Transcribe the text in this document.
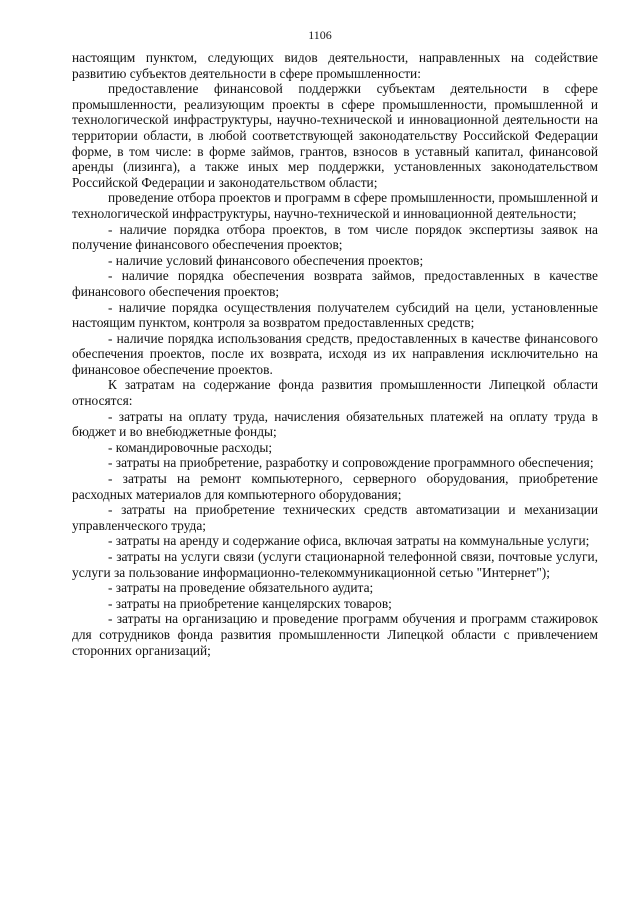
1106

настоящим пунктом, следующих видов деятельности, направленных на содействие развитию субъектов деятельности в сфере промышленности:

предоставление финансовой поддержки субъектам деятельности в сфере промышленности, реализующим проекты в сфере промышленности, промышленной и технологической инфраструктуры, научно-технической и инновационной деятельности на территории области, в любой соответствующей законодательству Российской Федерации форме, в том числе: в форме займов, грантов, взносов в уставный капитал, финансовой аренды (лизинга), а также иных мер поддержки, установленных законодательством Российской Федерации и законодательством области;

проведение отбора проектов и программ в сфере промышленности, промышленной и технологической инфраструктуры, научно-технической и инновационной деятельности;

- наличие порядка отбора проектов, в том числе порядок экспертизы заявок на получение финансового обеспечения проектов;

- наличие условий финансового обеспечения проектов;

- наличие порядка обеспечения возврата займов, предоставленных в качестве финансового обеспечения проектов;

- наличие порядка осуществления получателем субсидий на цели, установленные настоящим пунктом, контроля за возвратом предоставленных средств;

- наличие порядка использования средств, предоставленных в качестве финансового обеспечения проектов, после их возврата, исходя из их направления исключительно на финансовое обеспечение проектов.

К затратам на содержание фонда развития промышленности Липецкой области относятся:

- затраты на оплату труда, начисления обязательных платежей на оплату труда в бюджет и во внебюджетные фонды;

- командировочные расходы;

- затраты на приобретение, разработку и сопровождение программного обеспечения;

- затраты на ремонт компьютерного, серверного оборудования, приобретение расходных материалов для компьютерного оборудования;

- затраты на приобретение технических средств автоматизации и механизации управленческого труда;

- затраты на аренду и содержание офиса, включая затраты на коммунальные услуги;

- затраты на услуги связи (услуги стационарной телефонной связи, почтовые услуги, услуги за пользование информационно-телекоммуникационной сетью "Интернет");

- затраты на проведение обязательного аудита;

- затраты на приобретение канцелярских товаров;

- затраты на организацию и проведение программ обучения и программ стажировок для сотрудников фонда развития промышленности Липецкой области с привлечением сторонних организаций;
